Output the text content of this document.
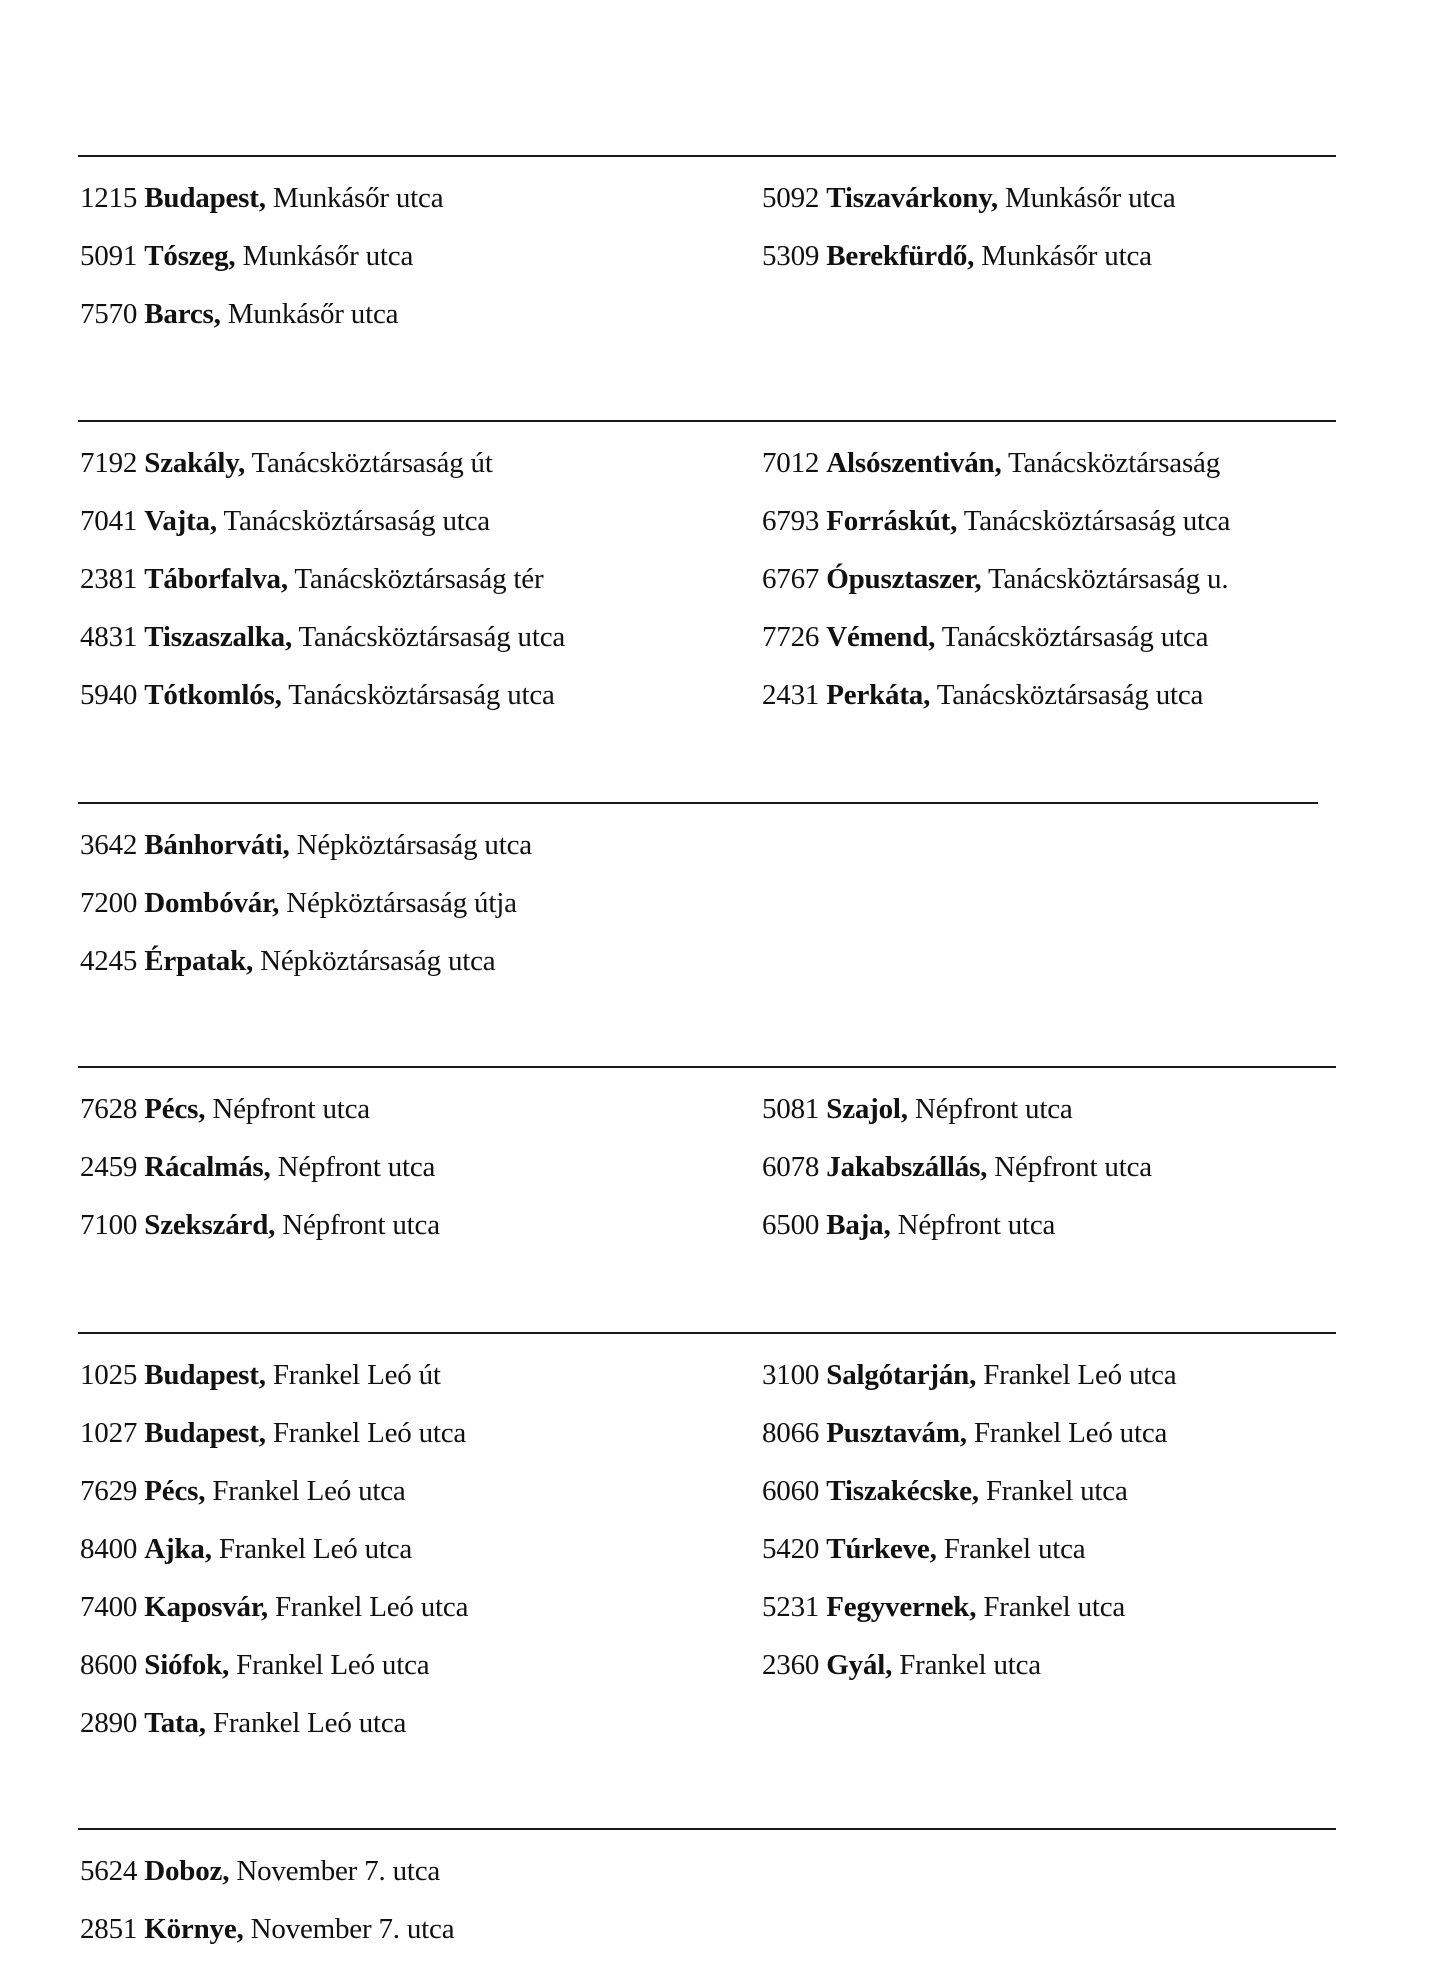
1215 Budapest, Munkásőr utca
5091 Tószeg, Munkásőr utca
7570 Barcs, Munkásőr utca
5092 Tiszavárkony, Munkásőr utca
5309 Berekfürdő, Munkásőr utca
7192 Szakály, Tanácsköztársaság út
7041 Vajta, Tanácsköztársaság utca
2381 Táborfalva, Tanácsköztársaság tér
4831 Tiszaszalka, Tanácsköztársaság utca
5940 Tótkomlós, Tanácsköztársaság utca
7012 Alsószentiván, Tanácsköztársaság
6793 Forráskút, Tanácsköztársaság utca
6767 Ópusztaszer, Tanácsköztársaság u.
7726 Vémend, Tanácsköztársaság utca
2431 Perkáta, Tanácsköztársaság utca
3642 Bánhorváti, Népköztársaság utca
7200 Dombóvár, Népköztársaság útja
4245 Érpatak, Népköztársaság utca
7628 Pécs, Népfront utca
2459 Rácalmás, Népfront utca
7100 Szekszárd, Népfront utca
5081 Szajol, Népfront utca
6078 Jakabszállás, Népfront utca
6500 Baja, Népfront utca
1025 Budapest, Frankel Leó út
1027 Budapest, Frankel Leó utca
7629 Pécs, Frankel Leó utca
8400 Ajka, Frankel Leó utca
7400 Kaposvár, Frankel Leó utca
8600 Siófok, Frankel Leó utca
2890 Tata, Frankel Leó utca
3100 Salgótarján, Frankel Leó utca
8066 Pusztavám, Frankel Leó utca
6060 Tiszakécske, Frankel utca
5420 Túrkeve, Frankel utca
5231 Fegyvernek, Frankel utca
2360 Gyál, Frankel utca
5624 Doboz, November 7. utca
2851 Környe, November 7. utca
